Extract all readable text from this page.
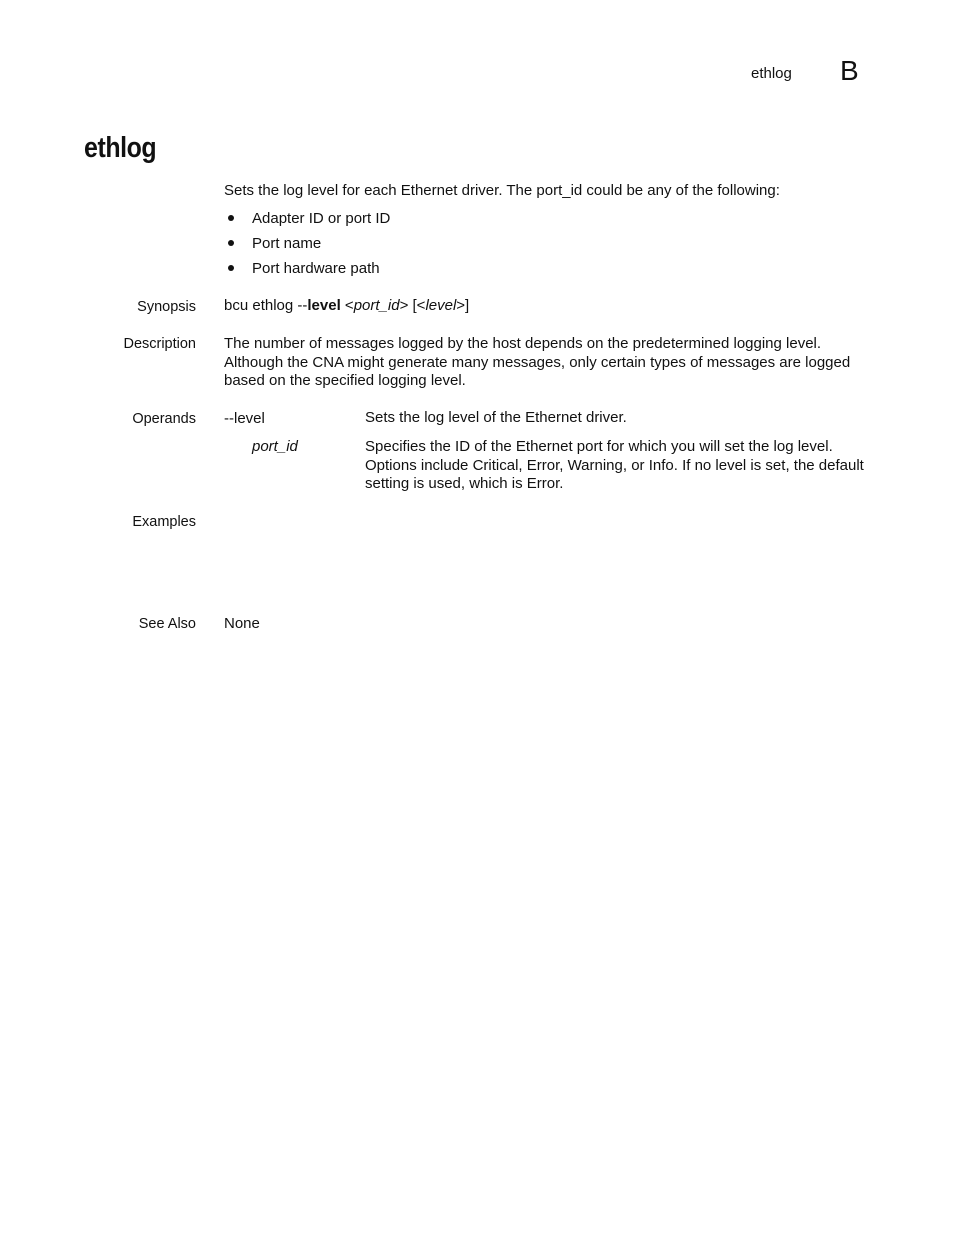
ethlog B
ethlog
Sets the log level for each Ethernet driver. The port_id could be any of the following:
Adapter ID or port ID
Port name
Port hardware path
Synopsis bcu ethlog --level <port_id> [<level>]
Description The number of messages logged by the host depends on the predetermined logging level. Although the CNA might generate many messages, only certain types of messages are logged based on the specified logging level.
Operands --level	Sets the log level of the Ethernet driver.
port_id	Specifies the ID of the Ethernet port for which you will set the log level. Options include Critical, Error, Warning, or Info. If no level is set, the default setting is used, which is Error.
Examples
See Also None
